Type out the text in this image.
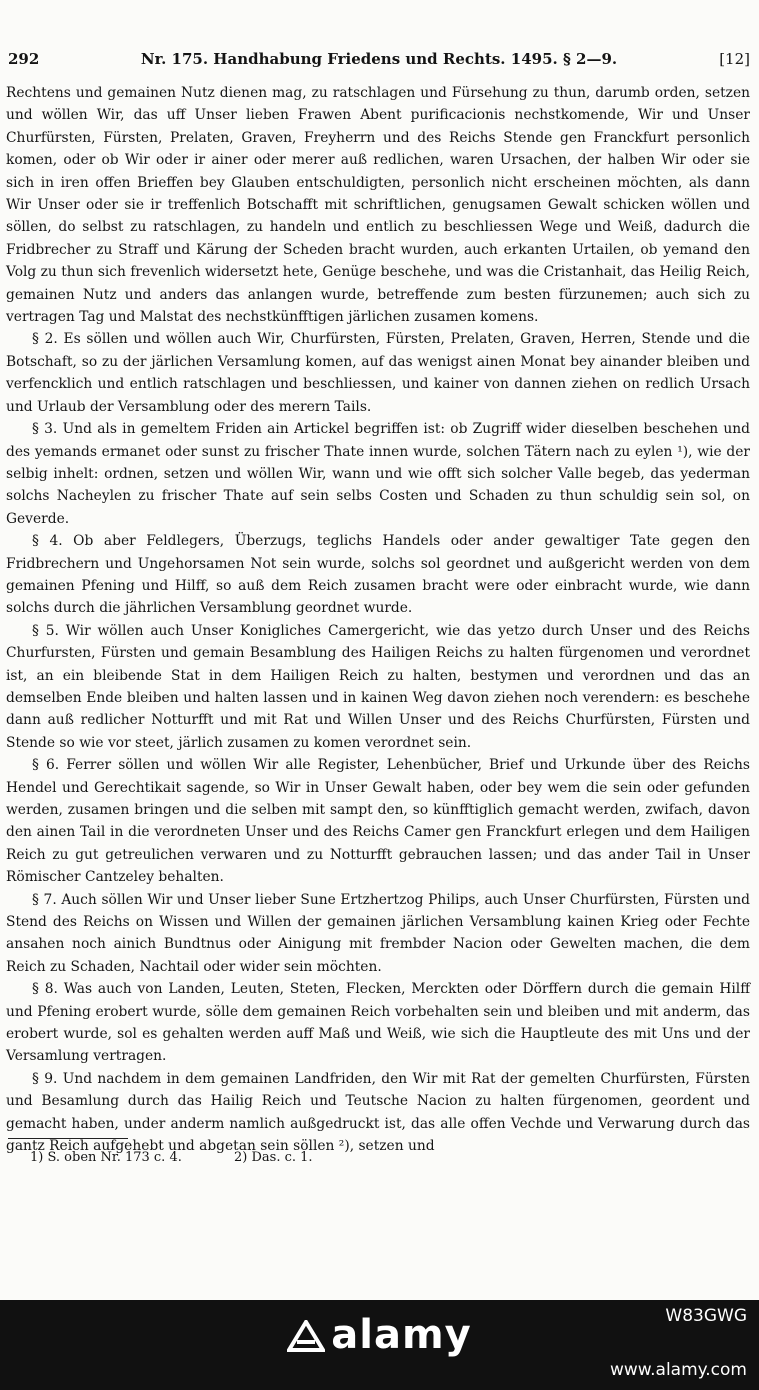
292	Nr. 175. Handhabung Friedens und Rechts. 1495. § 2—9.	[12]

Rechtens und gemainen Nutz dienen mag, zu ratschlagen und Fürsehung zu thun, darumb orden, setzen und wöllen Wir, das uff Unser lieben Frawen Abent purificacionis nechstkomende, Wir und Unser Churfürsten, Fürsten, Prelaten, Graven, Freyherrn und des Reichs Stende gen Franckfurt personlich komen, oder ob Wir oder ir ainer oder merer auß redlichen, waren Ursachen, der halben Wir oder sie sich in iren offen Brieffen bey Glauben entschuldigten, personlich nicht erscheinen möchten, als dann Wir Unser oder sie ir treffenlich Botschafft mit schriftlichen, genugsamen Gewalt schicken wöllen und söllen, do selbst zu ratschlagen, zu handeln und entlich zu beschliessen Wege und Weiß, dadurch die Fridbrecher zu Straff und Kärung der Scheden bracht wurden, auch erkanten Urtailen, ob yemand den Volg zu thun sich frevenlich widersetzt hete, Genüge beschehe, und was die Cristanhait, das Heilig Reich, gemainen Nutz und anders das anlangen wurde, betreffende zum besten fürzunemen; auch sich zu vertragen Tag und Malstat des nechstkünfftigen järlichen zusamen komens.

§ 2. Es söllen und wöllen auch Wir, Churfürsten, Fürsten, Prelaten, Graven, Herren, Stende und die Botschaft, so zu der järlichen Versamlung komen, auf das wenigst ainen Monat bey ainander bleiben und verfencklich und entlich ratschlagen und beschliessen, und kainer von dannen ziehen on redlich Ursach und Urlaub der Versamblung oder des merern Tails.

§ 3. Und als in gemeltem Friden ain Artickel begriffen ist: ob Zugriff wider dieselben beschehen und des yemands ermanet oder sunst zu frischer Thate innen wurde, solchen Tätern nach zu eylen ¹), wie der selbig inhelt: ordnen, setzen und wöllen Wir, wann und wie offt sich solcher Valle begeb, das yederman solchs Nacheylen zu frischer Thate auf sein selbs Costen und Schaden zu thun schuldig sein sol, on Geverde.

§ 4. Ob aber Feldlegers, Überzugs, teglichs Handels oder ander gewaltiger Tate gegen den Fridbrechern und Ungehorsamen Not sein wurde, solchs sol geordnet und außgericht werden von dem gemainen Pfening und Hilff, so auß dem Reich zusamen bracht were oder einbracht wurde, wie dann solchs durch die jährlichen Versamblung geordnet wurde.

§ 5. Wir wöllen auch Unser Konigliches Camergericht, wie das yetzo durch Unser und des Reichs Churfursten, Fürsten und gemain Besamblung des Hailigen Reichs zu halten fürgenomen und verordnet ist, an ein bleibende Stat in dem Hailigen Reich zu halten, bestymen und verordnen und das an demselben Ende bleiben und halten lassen und in kainen Weg davon ziehen noch verendern: es beschehe dann auß redlicher Notturfft und mit Rat und Willen Unser und des Reichs Churfürsten, Fürsten und Stende so wie vor steet, järlich zusamen zu komen verordnet sein.

§ 6. Ferrer söllen und wöllen Wir alle Register, Lehenbücher, Brief und Urkunde über des Reichs Hendel und Gerechtikait sagende, so Wir in Unser Gewalt haben, oder bey wem die sein oder gefunden werden, zusamen bringen und die selben mit sampt den, so künfftiglich gemacht werden, zwifach, davon den ainen Tail in die verordneten Unser und des Reichs Camer gen Franckfurt erlegen und dem Hailigen Reich zu gut getreulichen verwaren und zu Notturfft gebrauchen lassen; und das ander Tail in Unser Römischer Cantzeley behalten.

§ 7. Auch söllen Wir und Unser lieber Sune Ertzhertzog Philips, auch Unser Churfürsten, Fürsten und Stend des Reichs on Wissen und Willen der gemainen järlichen Versamblung kainen Krieg oder Fechte ansahen noch ainich Bundtnus oder Ainigung mit frembder Nacion oder Gewelten machen, die dem Reich zu Schaden, Nachtail oder wider sein möchten.

§ 8. Was auch von Landen, Leuten, Steten, Flecken, Merckten oder Dörffern durch die gemain Hilff und Pfening erobert wurde, sölle dem gemainen Reich vorbehalten sein und bleiben und mit anderm, das erobert wurde, sol es gehalten werden auff Maß und Weiß, wie sich die Hauptleute des mit Uns und der Versamlung vertragen.

§ 9. Und nachdem in dem gemainen Landfriden, den Wir mit Rat der gemelten Churfürsten, Fürsten und Besamlung durch das Hailig Reich und Teutsche Nacion zu halten fürgenomen, geordent und gemacht haben, under anderm namlich außgedruckt ist, das alle offen Vechde und Verwarung durch das gantz Reich aufgehebt und abgetan sein söllen ²), setzen und

1) S. oben Nr. 173 c. 4.	2) Das. c. 1.
W83GWG
alamy
www.alamy.com
